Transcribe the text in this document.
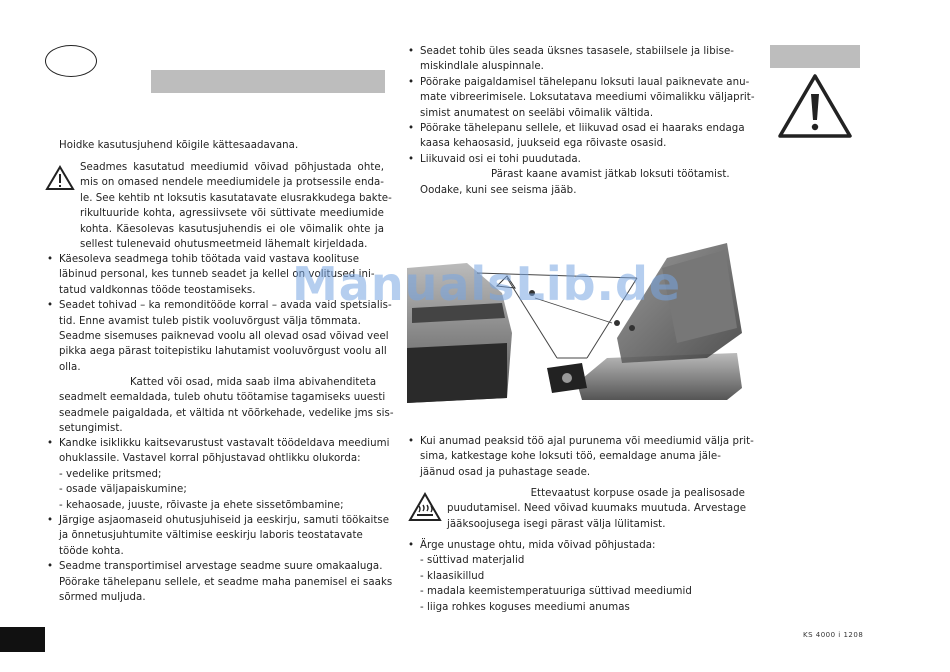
Hoidke kasutusjuhend kõigile kättesaadavana.
Seadmes kasutatud meediumid võivad põhjustada ohte,
mis on omased nendele meediumidele ja protsessile enda-
le. See kehtib nt loksutis kasutatavate elusrakkudega bakte-
rikultuuride kohta, agressiivsete või süttivate meediumide
kohta. Käesolevas kasutusjuhendis ei ole võimalik ohte ja
sellest tulenevaid ohutusmeetmeid lähemalt kirjeldada.
• Käesoleva seadmega tohib töötada vaid vastava koolituse
läbinud personal, kes tunneb seadet ja kellel on volitused ini-
tatud valdkonnas tööde teostamiseks.
• Seadet tohivad – ka remonditööde korral – avada vaid spetsialis-
tid. Enne avamist tuleb pistik vooluvõrgust välja tõmmata.
Seadme sisemuses paiknevad voolu all olevad osad võivad veel
pikka aega pärast toitepistiku lahutamist vooluvõrgust voolu all
olla.
Katted või osad, mida saab ilma abivahenditeta
seadmelt eemaldada, tuleb ohutu töötamise tagamiseks uuesti
seadmele paigaldada, et vältida nt võõrkehade, vedelike jms sis-
setungimist.
• Kandke isiklikku kaitsevarustust vastavalt töödeldava meediumi
ohuklassile. Vastavel korral põhjustavad ohtlikku olukorda:
- vedelike pritsmed;
- osade väljapaiskumine;
- kehaosade, juuste, rõivaste ja ehete sissetõmbamine;
• Järgige asjaomaseid ohutusjuhiseid ja eeskirju, samuti töökaitse
ja õnnetusjuhtumite vältimise eeskirju laboris teostatavate
tööde kohta.
• Seadme transportimisel arvestage seadme suure omakaaluga.
Pöörake tähelepanu sellele, et seadme maha panemisel ei saaks
sõrmed muljuda.
• Seadet tohib üles seada üksnes tasasele, stabiilsele ja libise-
miskindlale aluspinnale.
• Pöörake paigaldamisel tähelepanu loksuti laual paiknevate anu-
mate vibreerimisele. Loksutatava meediumi võimalikku väljaprit-
simist anumatest on seeläbi võimalik vältida.
• Pöörake tähelepanu sellele, et liikuvad osad ei haaraks endaga
kaasa kehaosasid, juukseid ega rõivaste osasid.
• Liikuvaid osi ei tohi puudutada.
Pärast kaane avamist jätkab loksuti töötamist.
Oodake, kuni see seisma jääb.
ManualsLib.de
• Kui anumad peaksid töö ajal purunema või meediumid välja prit-
sima, katkestage kohe loksuti töö, eemaldage anuma jäle-
jäänud osad ja puhastage seade.
Ettevaatust korpuse osade ja pealisosade
puudutamisel. Need võivad kuumaks muutuda. Arvestage
jääksoojusega isegi pärast välja lülitamist.
• Ärge unustage ohtu, mida võivad põhjustada:
- süttivad materjalid
- klaasikillud
- madala keemistemperatuuriga süttivad meediumid
- liiga rohkes koguses meediumi anumas
KS 4000 i 1208
